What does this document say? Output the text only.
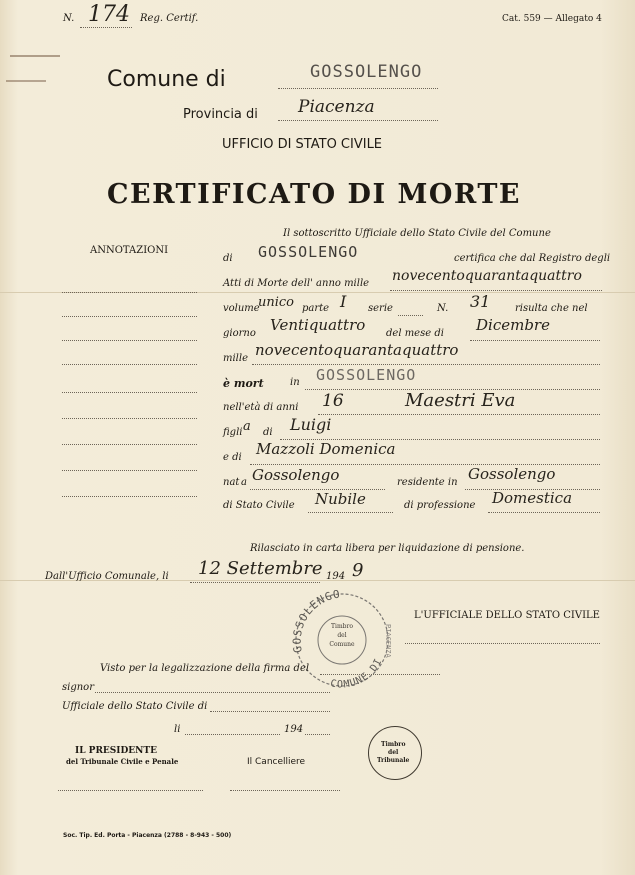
N. 174 Reg. Certif.	Cat. 559 — Allegato 4
Comune di	GOSSOLENGO
Provincia di Piacenza
UFFICIO DI STATO CIVILE
CERTIFICATO DI MORTE
ANNOTAZIONI
Il sottoscritto Ufficiale dello Stato Civile del Comune
di GOSSOLENGO	certifica che dal Registro degli
Atti di Morte dell' anno mille novecentoquarantaquattro
volume
unico parte I serie	N. 31 risulta che nel
giorno Ventiquattro del mese di Dicembre
mille novecentoquarantaquattro
è mort	in GOSSOLENGO
nell'età di anni 16	Maestri Eva
figli a di Luigi
e di Mazzoli Domenica
nat a Gossolengo	residente in Gossolengo
di Stato Civile Nubile	di professione Domestica
Rilasciato in carta libera per liquidazione di pensione.
Dall'Ufficio Comunale, li 12 Settembre 194 9
GOSSOLENGO
COMUNE DI
Timbro
del
Comune	PIACENZA
L'UFFICIALE DELLO STATO CIVILE
Visto per la legalizzazione della firma del
signor
Ufficiale dello Stato Civile di
li	194
IL PRESIDENTE
del Tribunale Civile e Penale	Il Cancelliere
Timbro
del
Tribunale
Soc. Tip. Ed. Porta - Piacenza (2788 - 8-943 - 500)
